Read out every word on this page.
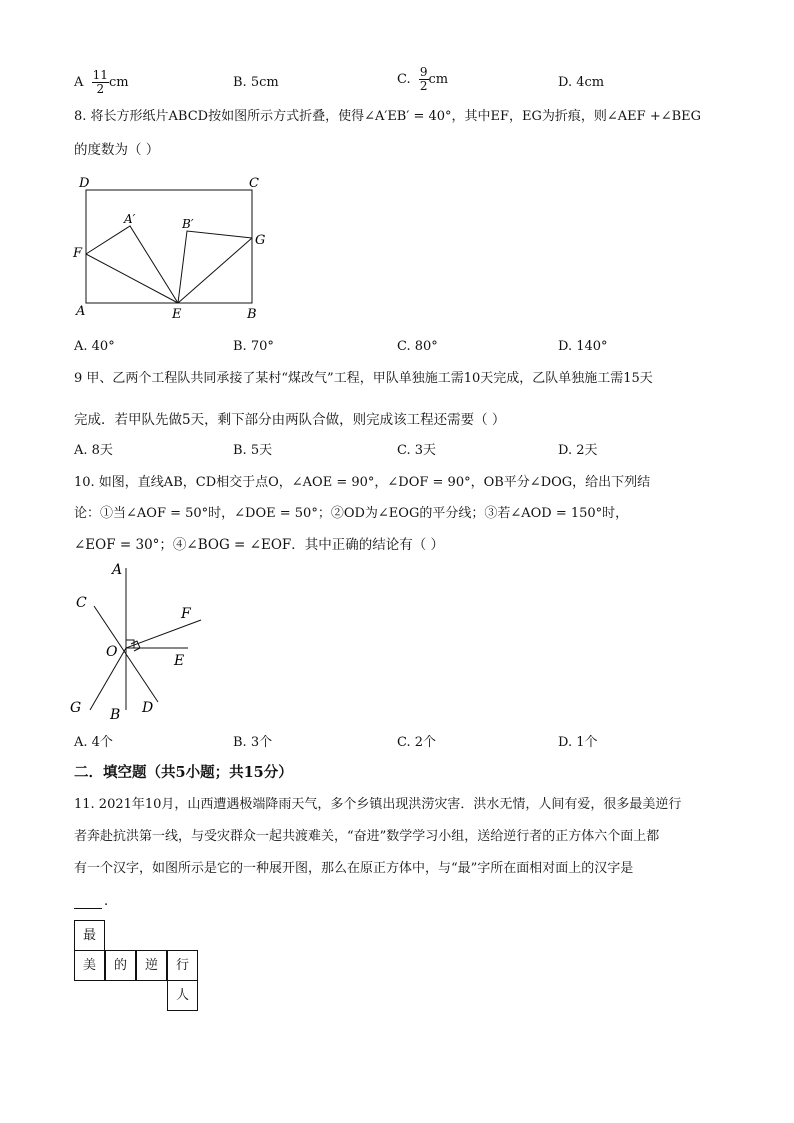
A $\frac{11}{2}$ cm	B. 5cm	C. $\frac{9}{2}$ cm	D. 4cm
8. 将长方形纸片ABCD按如图所示方式折叠，使得∠A′EB′ = 40°，其中EF，EG为折痕，则∠AEF +∠BEG
的度数为（ ）
D	C
A′	B′
F
G
A	E	B
A. 40°	B. 70°	C. 80°	D. 140°
9 甲、乙两个工程队共同承接了某村“煤改气”工程，甲队单独施工需10天完成，乙队单独施工需15天
完成．若甲队先做5天，剩下部分由两队合做，则完成该工程还需要（ ）
A. 8天	B. 5天	C. 3天	D. 2天
10. 如图，直线AB，CD相交于点O，∠AOE = 90°，∠DOF = 90°，OB平分∠DOG，给出下列结
论：①当∠AOF = 50°时，∠DOE = 50°；②OD为∠EOG的平分线；③若∠AOD = 150°时，
∠EOF = 30°；④∠BOG = ∠EOF．其中正确的结论有（ ）
A
C
F
O
E
G B D
A. 4个	B. 3个	C. 2个	D. 1个
二．填空题（共5小题；共15分）
11. 2021年10月，山西遭遇极端降雨天气，多个乡镇出现洪涝灾害．洪水无情，人间有爱，很多最美逆行
者奔赴抗洪第一线，与受灾群众一起共渡难关，“奋进”数学学习小组，送给逆行者的正方体六个面上都
有一个汉字，如图所示是它的一种展开图，那么在原正方体中，与“最”字所在面相对面上的汉字是
．
最
美	的	逆	行
人
